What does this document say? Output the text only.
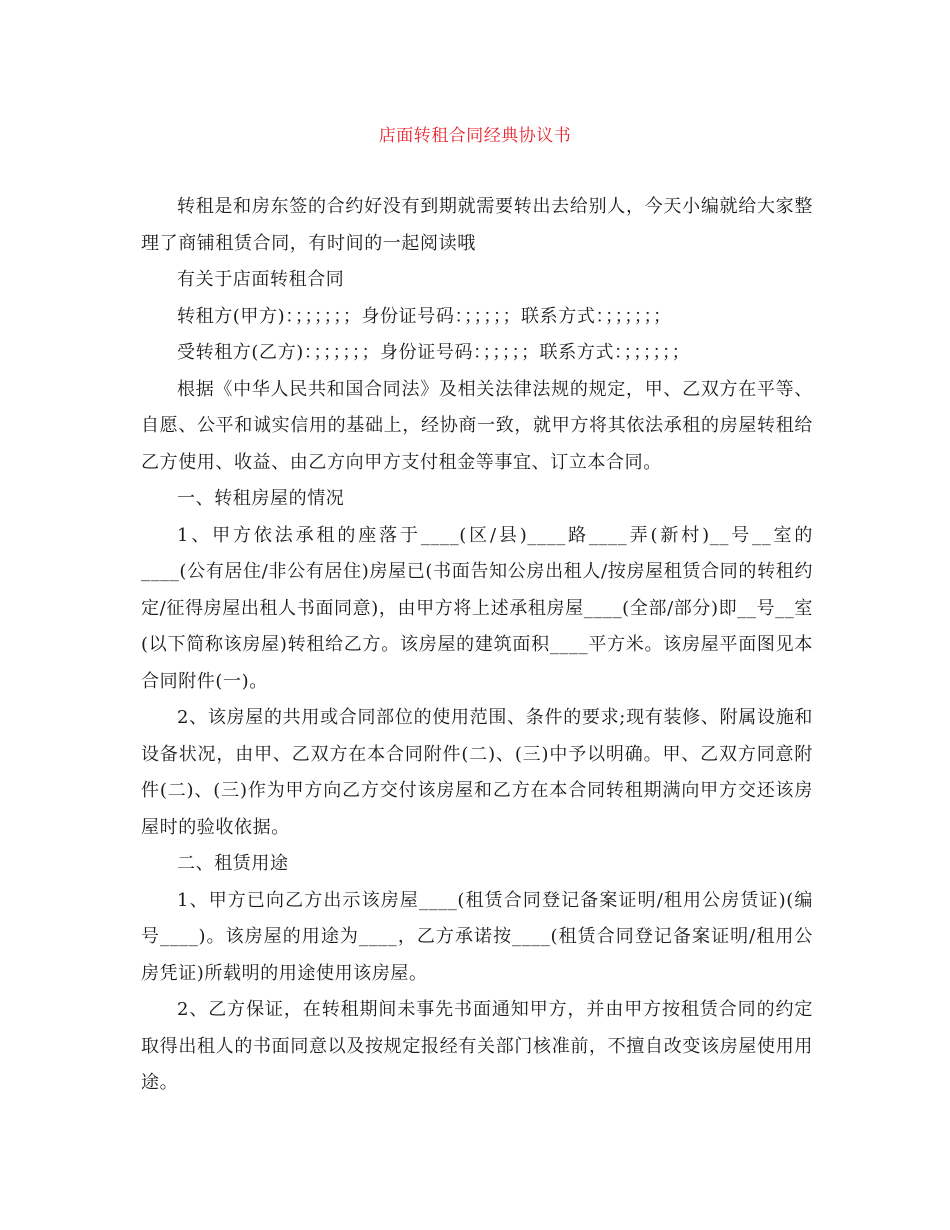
店面转租合同经典协议书

转租是和房东签的合约好没有到期就需要转出去给别人，今天小编就给大家整理了商铺租赁合同，有时间的一起阅读哦

有关于店面转租合同

转租方(甲方)：；；；；；；身份证号码：；；；；；联系方式：；；；；；；

受转租方(乙方)：；；；；；；身份证号码：；；；；；联系方式：；；；；；；

根据《中华人民共和国合同法》及相关法律法规的规定，甲、乙双方在平等、自愿、公平和诚实信用的基础上，经协商一致，就甲方将其依法承租的房屋转租给乙方使用、收益、由乙方向甲方支付租金等事宜、订立本合同。

一、转租房屋的情况

1、甲方依法承租的座落于____(区/县)____路____弄(新村)__号__室的____(公有居住/非公有居住)房屋已(书面告知公房出租人/按房屋租赁合同的转租约定/征得房屋出租人书面同意)，由甲方将上述承租房屋____(全部/部分)即__号__室(以下简称该房屋)转租给乙方。该房屋的建筑面积____平方米。该房屋平面图见本合同附件(一)。

2、该房屋的共用或合同部位的使用范围、条件的要求;现有装修、附属设施和设备状况，由甲、乙双方在本合同附件(二)、(三)中予以明确。甲、乙双方同意附件(二)、(三)作为甲方向乙方交付该房屋和乙方在本合同转租期满向甲方交还该房屋时的验收依据。

二、租赁用途

1、甲方已向乙方出示该房屋____(租赁合同登记备案证明/租用公房赁证)(编号____)。该房屋的用途为____，乙方承诺按____(租赁合同登记备案证明/租用公房凭证)所载明的用途使用该房屋。

2、乙方保证，在转租期间未事先书面通知甲方，并由甲方按租赁合同的约定取得出租人的书面同意以及按规定报经有关部门核准前，不擅自改变该房屋使用用途。
